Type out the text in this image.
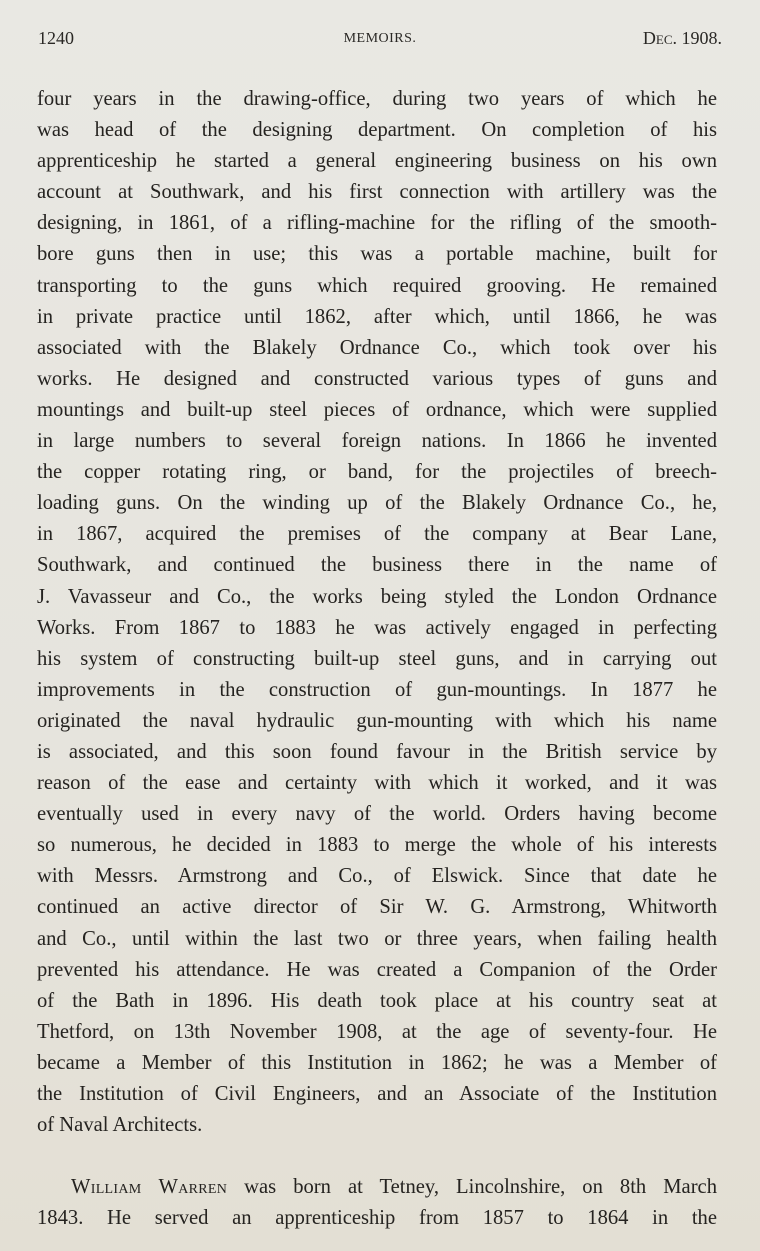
1240	MEMOIRS.	Dec. 1908.
four years in the drawing-office, during two years of which he
was head of the designing department. On completion of his
apprenticeship he started a general engineering business on his own
account at Southwark, and his first connection with artillery was the
designing, in 1861, of a rifling-machine for the rifling of the smooth-
bore guns then in use; this was a portable machine, built for
transporting to the guns which required grooving. He remained
in private practice until 1862, after which, until 1866, he was
associated with the Blakely Ordnance Co., which took over his
works. He designed and constructed various types of guns and
mountings and built-up steel pieces of ordnance, which were supplied
in large numbers to several foreign nations. In 1866 he invented
the copper rotating ring, or band, for the projectiles of breech-
loading guns. On the winding up of the Blakely Ordnance Co., he,
in 1867, acquired the premises of the company at Bear Lane,
Southwark, and continued the business there in the name of
J. Vavasseur and Co., the works being styled the London Ordnance
Works. From 1867 to 1883 he was actively engaged in perfecting
his system of constructing built-up steel guns, and in carrying out
improvements in the construction of gun-mountings. In 1877 he
originated the naval hydraulic gun-mounting with which his name
is associated, and this soon found favour in the British service by
reason of the ease and certainty with which it worked, and it was
eventually used in every navy of the world. Orders having become
so numerous, he decided in 1883 to merge the whole of his interests
with Messrs. Armstrong and Co., of Elswick. Since that date he
continued an active director of Sir W. G. Armstrong, Whitworth
and Co., until within the last two or three years, when failing health
prevented his attendance. He was created a Companion of the Order
of the Bath in 1896. His death took place at his country seat at
Thetford, on 13th November 1908, at the age of seventy-four. He
became a Member of this Institution in 1862; he was a Member of
the Institution of Civil Engineers, and an Associate of the Institution
of Naval Architects.
William Warren was born at Tetney, Lincolnshire, on 8th March
1843. He served an apprenticeship from 1857 to 1864 in the
